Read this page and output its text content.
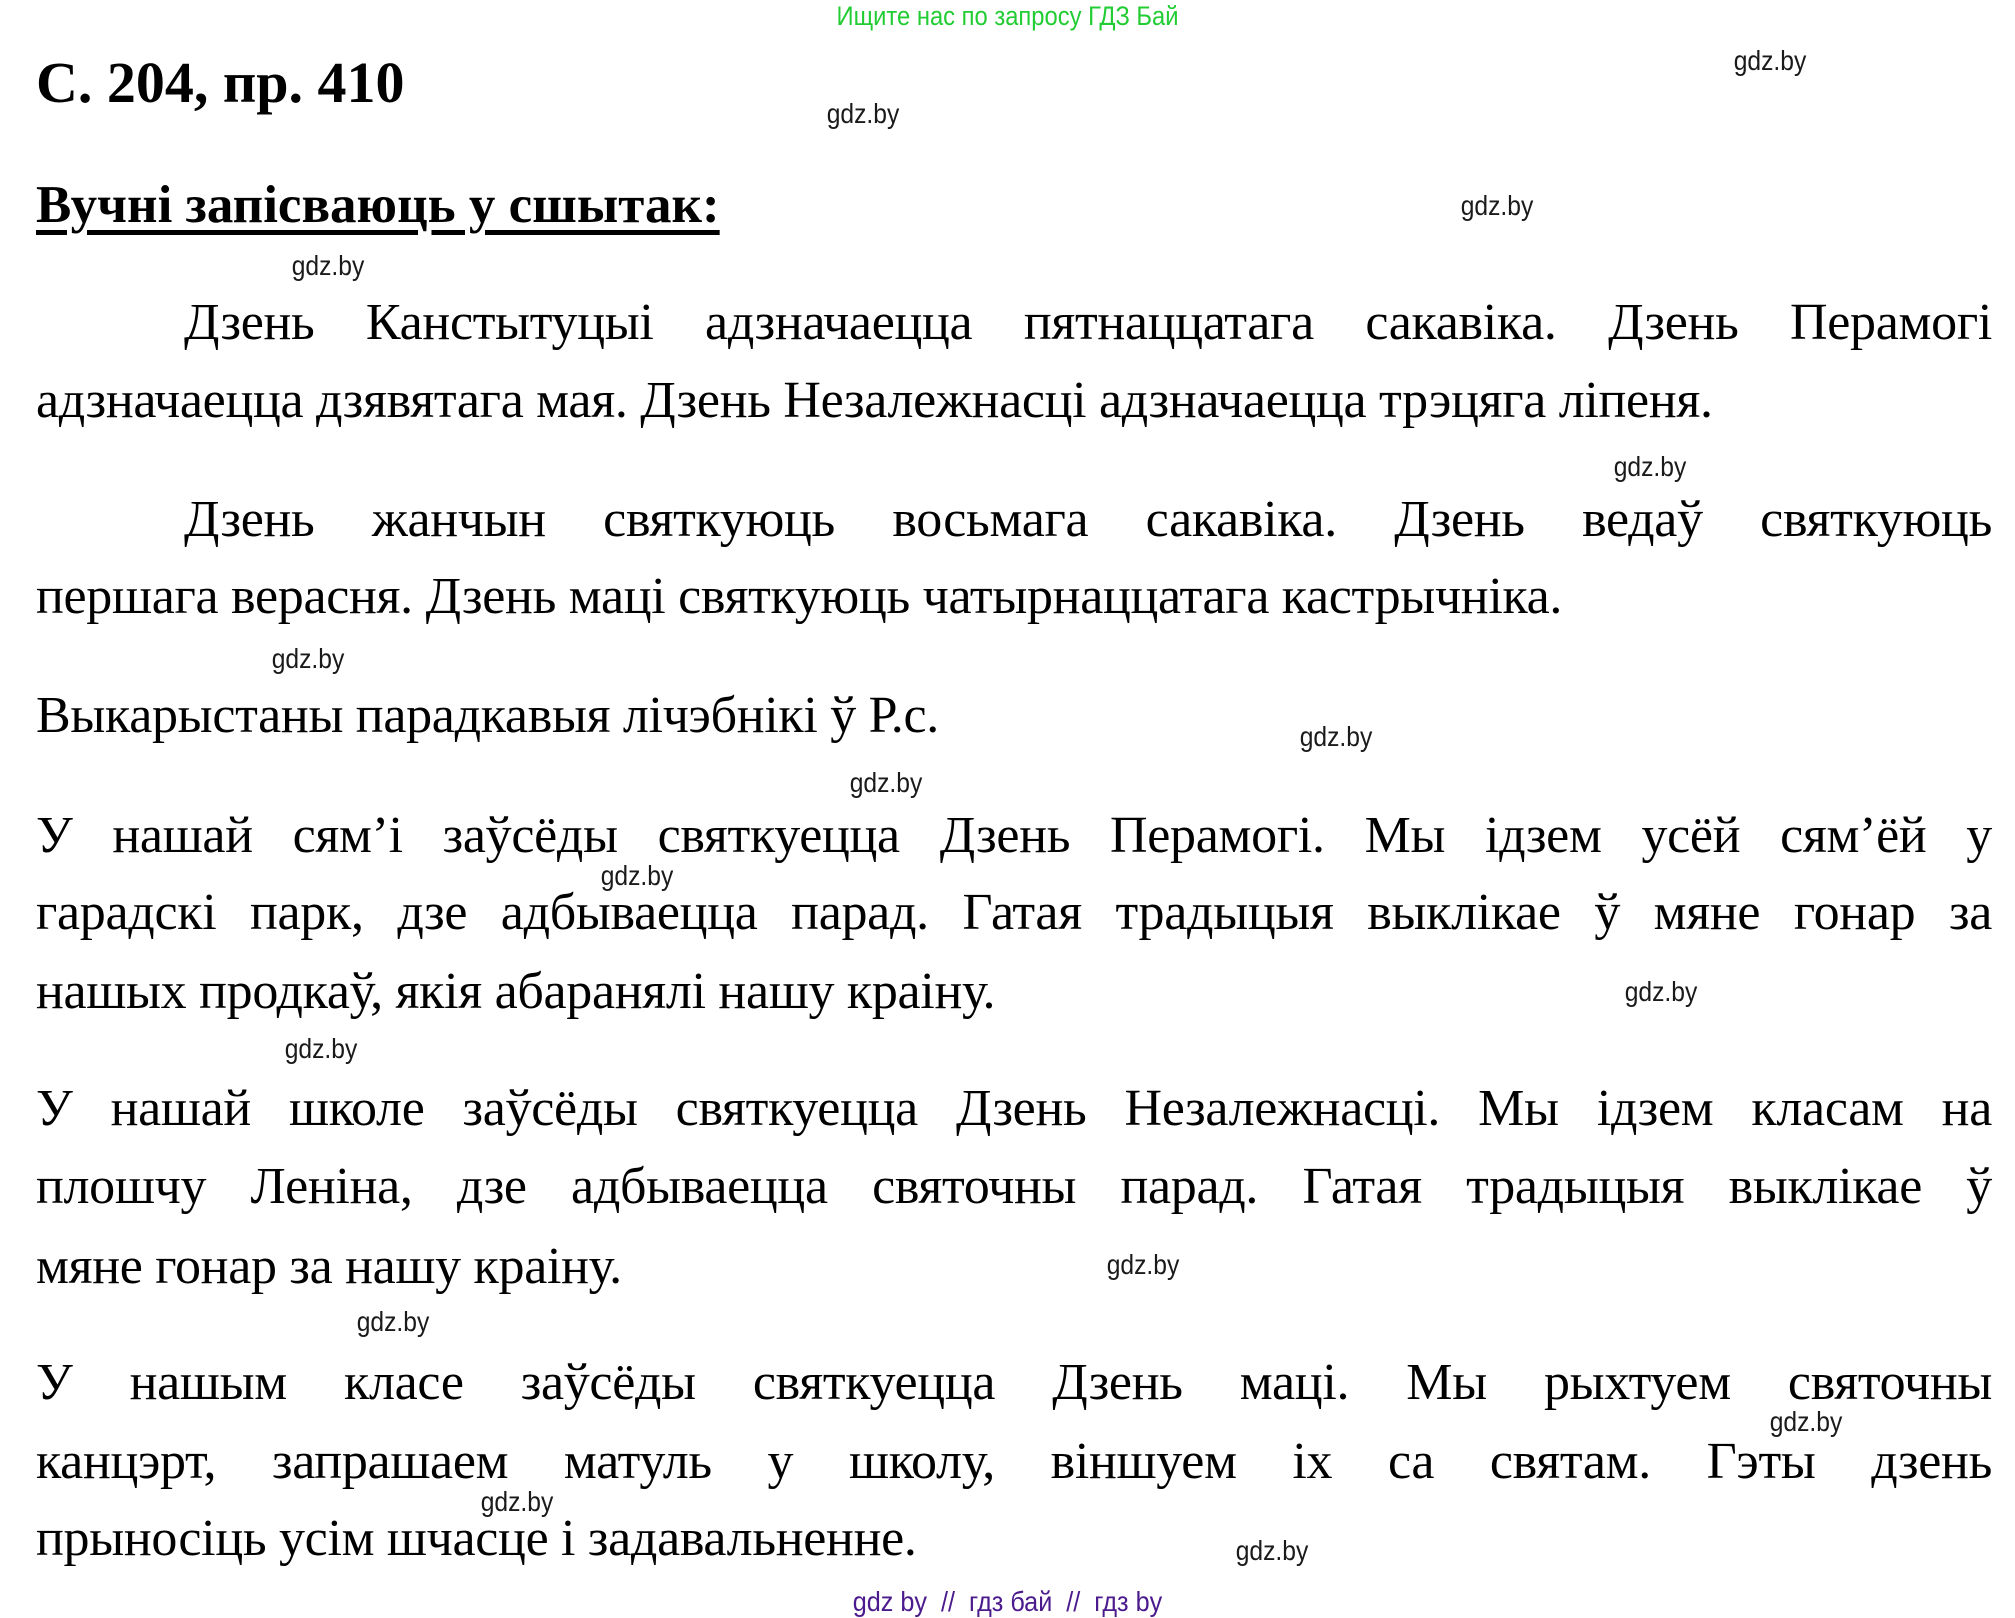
Ищите нас по запросу ГДЗ Бай
С. 204, пр. 410
Вучні запісваюць у сшытак:
Дзень Канстытуцыі адзначаецца пятнаццатага сакавіка. Дзень Перамогі
адзначаецца дзявятага мая. Дзень Незалежнасці адзначаецца трэцяга ліпеня.
Дзень жанчын святкуюць восьмага сакавіка. Дзень ведаў святкуюць
першага верасня. Дзень маці святкуюць чатырнаццатага кастрычніка.
Выкарыстаны парадкавыя лічэбнікі ў Р.с.
У нашай сям’і заўсёды святкуецца Дзень Перамогі. Мы ідзем усёй сям’ёй у
гарадскі парк, дзе адбываецца парад. Гатая традыцыя выклікае ў мяне гонар за
нашых продкаў, якія абаранялі нашу краіну.
У нашай школе заўсёды святкуецца Дзень Незалежнасці. Мы ідзем класам на
плошчу Леніна, дзе адбываецца святочны парад. Гатая традыцыя выклікае ў
мяне гонар за нашу краіну.
У нашым класе заўсёды святкуецца Дзень маці. Мы рыхтуем святочны
канцэрт, запрашаем матуль у школу, віншуем іх са святам. Гэты дзень
прыносіць усім шчасце і задавальненне.
gdz.by
gdz.by
gdz.by
gdz.by
gdz.by
gdz.by
gdz.by
gdz.by
gdz.by
gdz.by
gdz.by
gdz.by
gdz.by
gdz.by
gdz.by
gdz.by
gdz by  //  гдз бай  //  гдз by
